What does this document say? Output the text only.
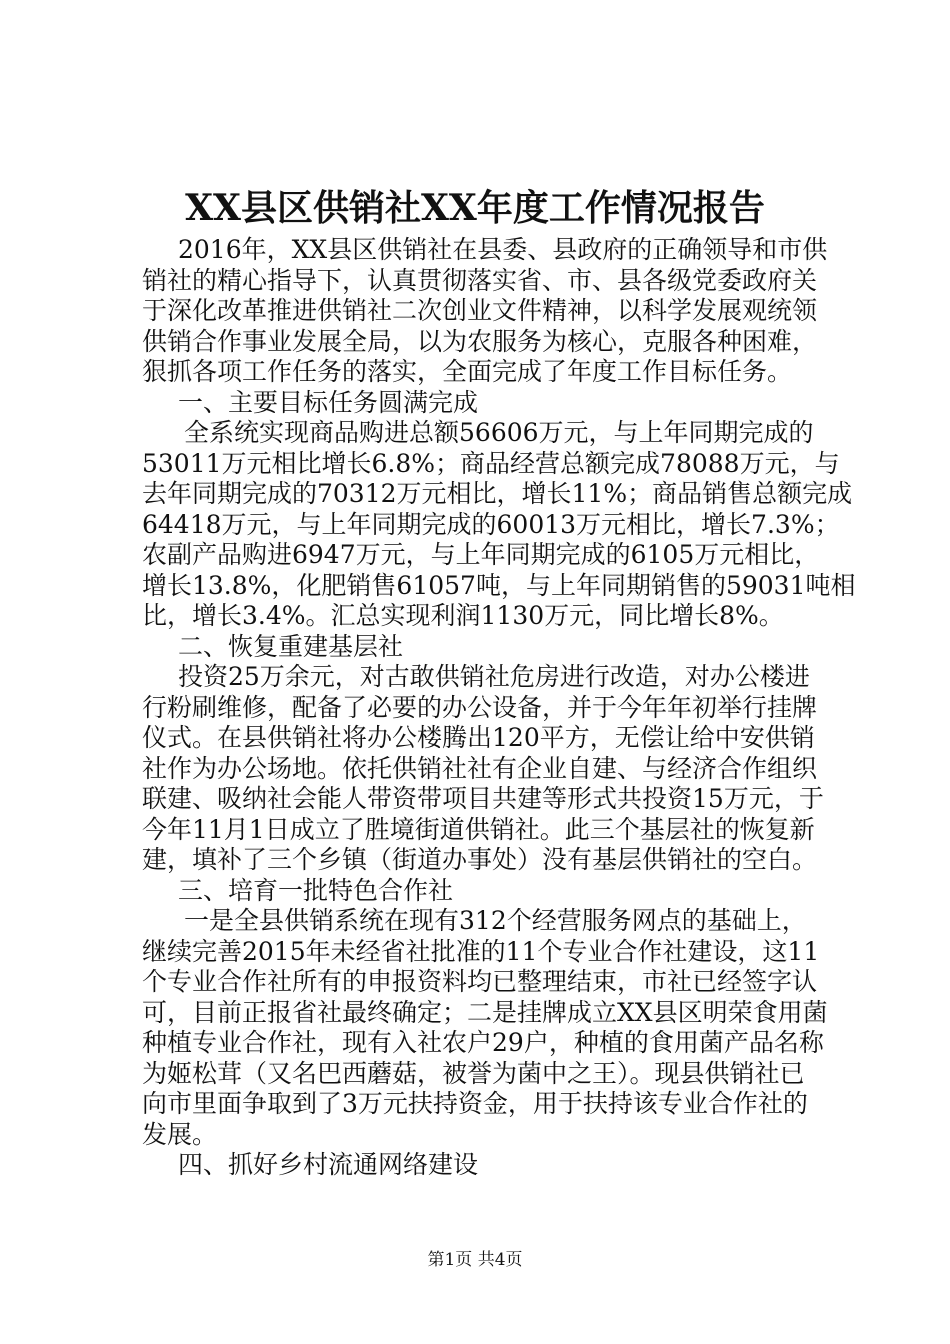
XX县区供销社XX年度工作情况报告
2016年，XX县区供销社在县委、县政府的正确领导和市供
销社的精心指导下，认真贯彻落实省、市、县各级党委政府关
于深化改革推进供销社二次创业文件精神，以科学发展观统领
供销合作事业发展全局，以为农服务为核心，克服各种困难，
狠抓各项工作任务的落实，全面完成了年度工作目标任务。
一、主要目标任务圆满完成
全系统实现商品购进总额56606万元，与上年同期完成的
53011万元相比增长6.8%；商品经营总额完成78088万元，与
去年同期完成的70312万元相比，增长11%；商品销售总额完成
64418万元，与上年同期完成的60013万元相比，增长7.3%；
农副产品购进6947万元，与上年同期完成的6105万元相比，
增长13.8%，化肥销售61057吨，与上年同期销售的59031吨相
比，增长3.4%。汇总实现利润1130万元，同比增长8%。
二、恢复重建基层社
投资25万余元，对古敢供销社危房进行改造，对办公楼进
行粉刷维修，配备了必要的办公设备，并于今年年初举行挂牌
仪式。在县供销社将办公楼腾出120平方，无偿让给中安供销
社作为办公场地。依托供销社社有企业自建、与经济合作组织
联建、吸纳社会能人带资带项目共建等形式共投资15万元，于
今年11月1日成立了胜境街道供销社。此三个基层社的恢复新
建，填补了三个乡镇（街道办事处）没有基层供销社的空白。
三、培育一批特色合作社
一是全县供销系统在现有312个经营服务网点的基础上，
继续完善2015年未经省社批准的11个专业合作社建设，这11
个专业合作社所有的申报资料均已整理结束，市社已经签字认
可，目前正报省社最终确定；二是挂牌成立XX县区明荣食用菌
种植专业合作社，现有入社农户29户，种植的食用菌产品名称
为姬松茸（又名巴西蘑菇，被誉为菌中之王）。现县供销社已
向市里面争取到了3万元扶持资金，用于扶持该专业合作社的
发展。
四、抓好乡村流通网络建设
第1页 共4页
